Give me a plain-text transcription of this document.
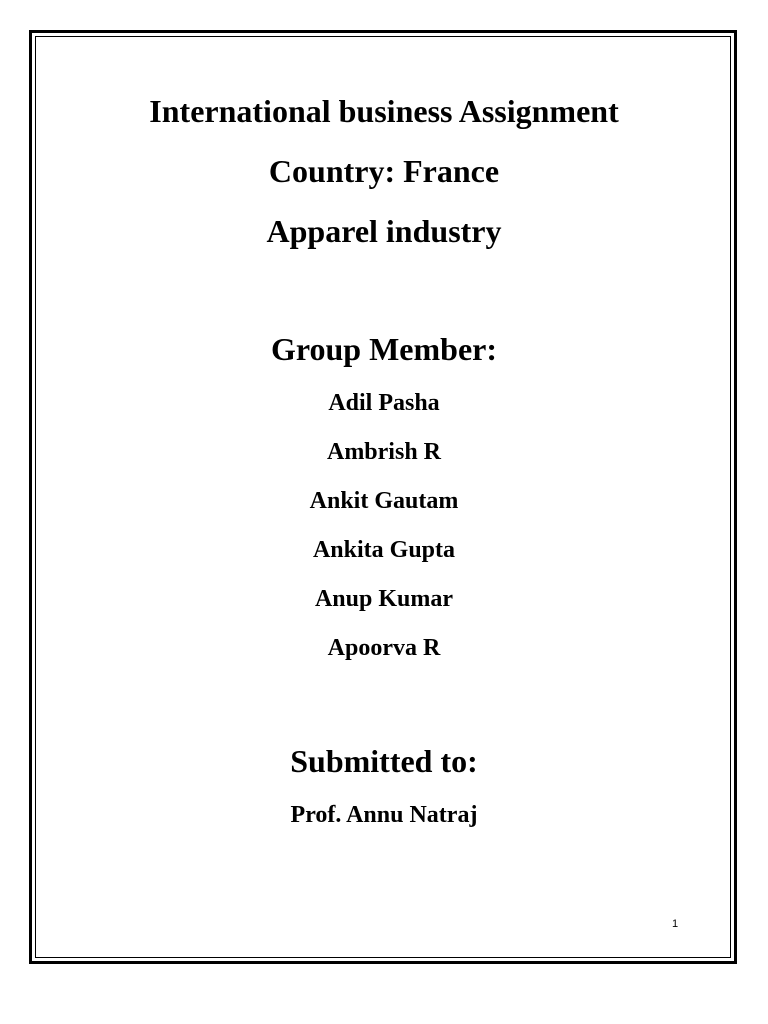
International business Assignment
Country: France
Apparel industry
Group Member:
Adil Pasha
Ambrish R
Ankit Gautam
Ankita Gupta
Anup Kumar
Apoorva R
Submitted to:
Prof. Annu Natraj
1
